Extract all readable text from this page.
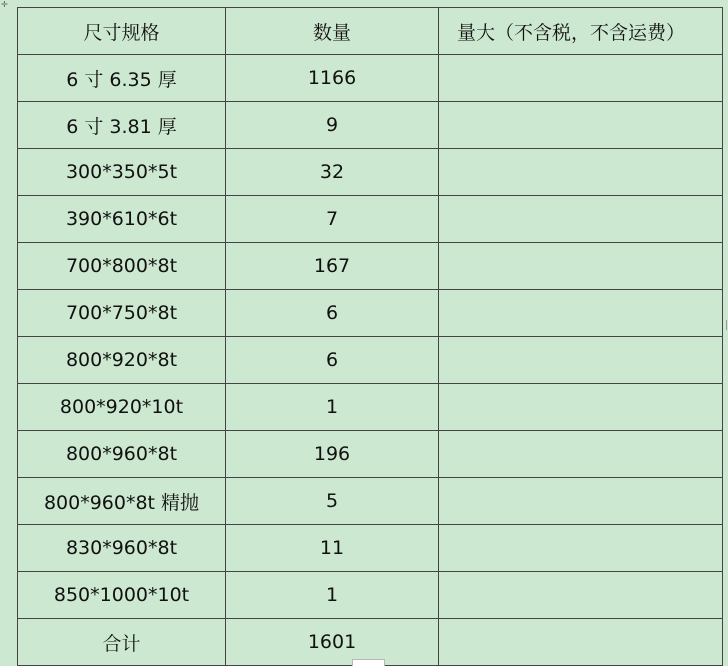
✛
尺寸规格	数量	量大（不含税，不含运费）
6 寸 6.35 厚	1166	
6 寸 3.81 厚	9	
300*350*5t	32	
390*610*6t	7	
700*800*8t	167	
700*750*8t	6	
800*920*8t	6	
800*920*10t	1	
800*960*8t	196	
800*960*8t 精抛	5	
830*960*8t	11	
850*1000*10t	1	
合计	1601	
